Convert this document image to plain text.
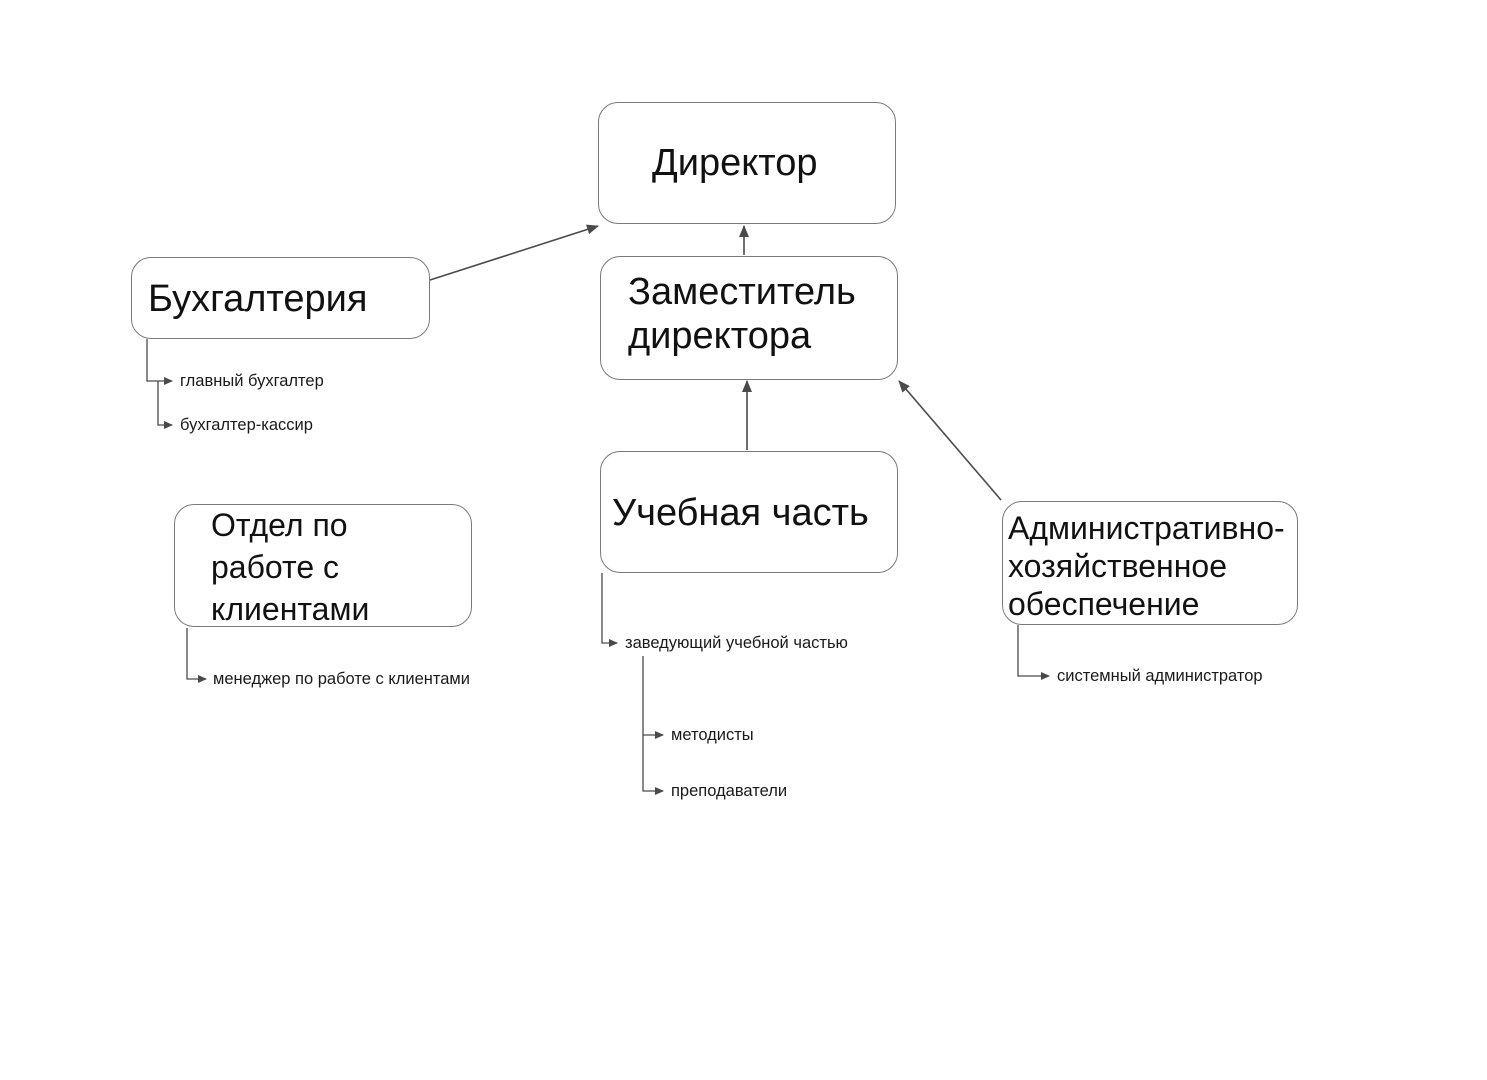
Директор
Заместитель
директора
Бухгалтерия
Отдел по
работе с
клиентами
Учебная часть	Административно-
хозяйственное
обеспечение
главный бухгалтер
бухгалтер-кассир
менеджер по работе с клиентами
заведующий учебной частью
методисты
преподаватели
системный администратор
